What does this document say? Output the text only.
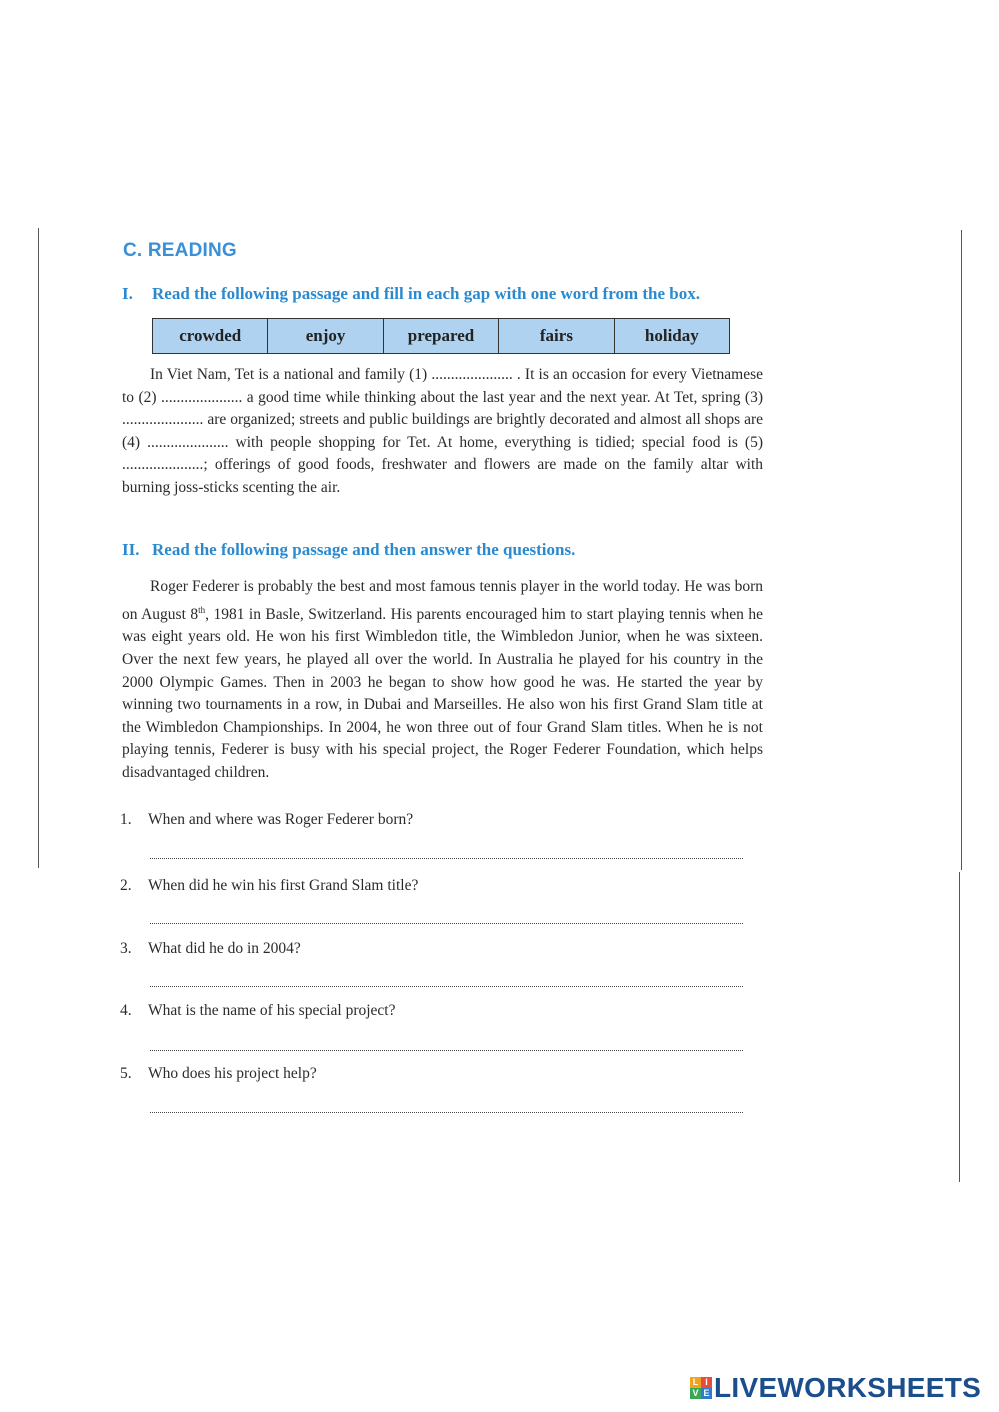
C. READING
I. Read the following passage and fill in each gap with one word from the box.
crowded	enjoy	prepared	fairs	holiday

In Viet Nam, Tet is a national and family (1) ..................... . It is an occasion for every Vietnamese to (2) ..................... a good time while thinking about the last year and the next year. At Tet, spring (3) ..................... are organized; streets and public buildings are brightly decorated and almost all shops are (4) ..................... with people shopping for Tet. At home, everything is tidied; special food is (5) .....................; offerings of good foods, freshwater and flowers are made on the family altar with burning joss-sticks scenting the air.

II. Read the following passage and then answer the questions.

Roger Federer is probably the best and most famous tennis player in the world today. He was born on August 8th, 1981 in Basle, Switzerland. His parents encouraged him to start playing tennis when he was eight years old. He won his first Wimbledon title, the Wimbledon Junior, when he was sixteen. Over the next few years, he played all over the world. In Australia he played for his country in the 2000 Olympic Games. Then in 2003 he began to show how good he was. He started the year by winning two tournaments in a row, in Dubai and Marseilles. He also won his first Grand Slam title at the Wimbledon Championships. In 2004, he won three out of four Grand Slam titles. When he is not playing tennis, Federer is busy with his special project, the Roger Federer Foundation, which helps disadvantaged children.

1. When and where was Roger Federer born?
2. When did he win his first Grand Slam title?
3. What did he do in 2004?
4. What is the name of his special project?
5. Who does his project help?
L I
V E LIVEWORKSHEETS
